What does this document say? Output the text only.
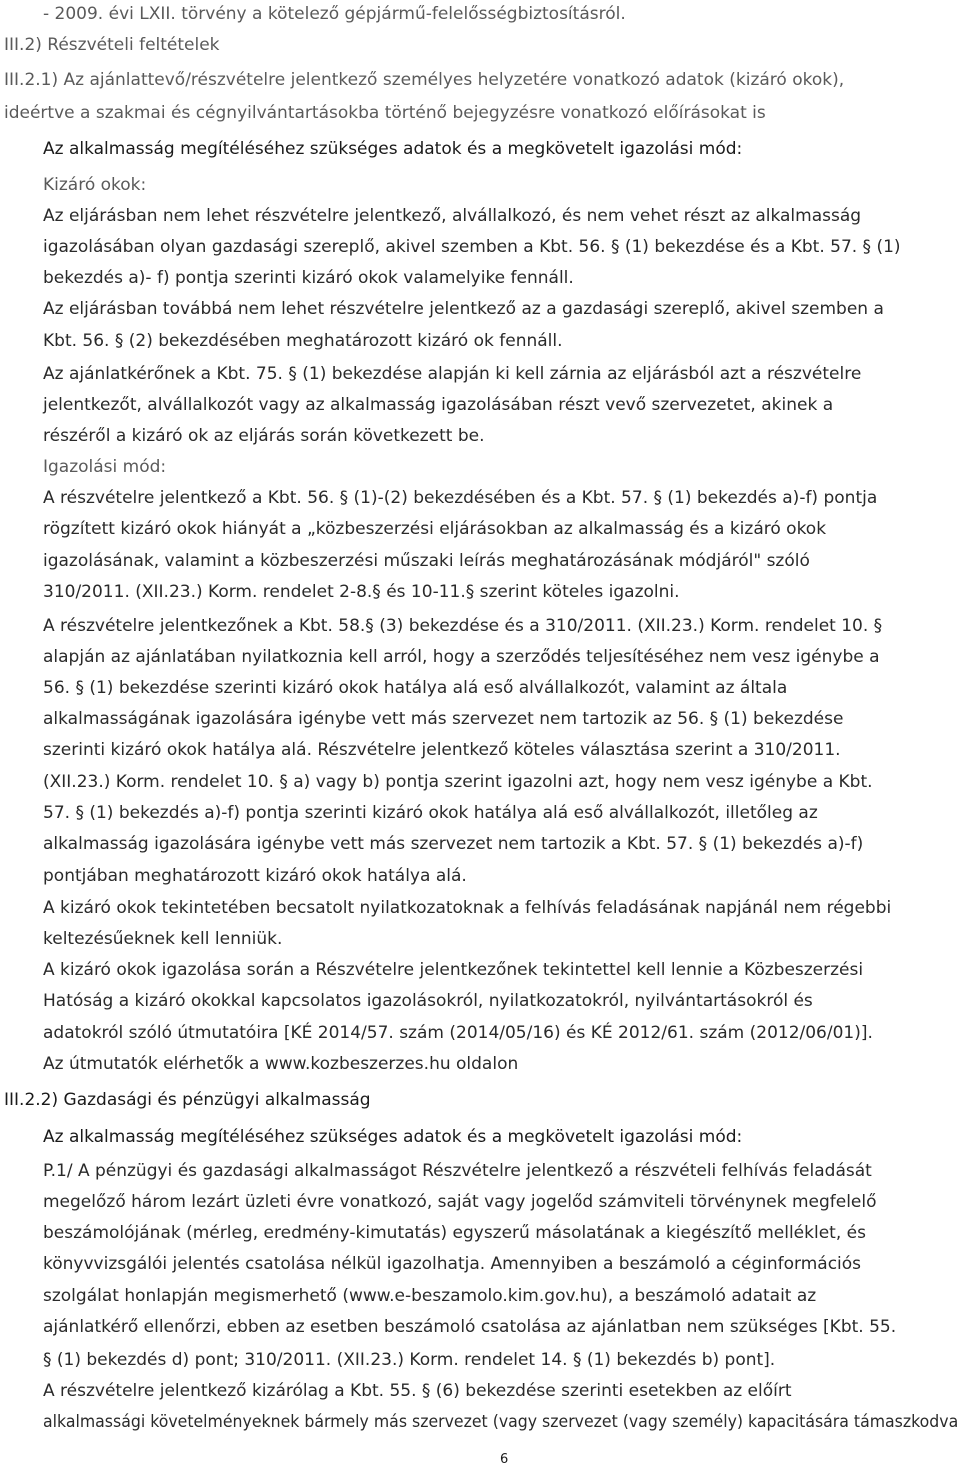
- 2009. évi LXII. törvény a kötelező gépjármű-felelősségbiztosításról.
III.2) Részvételi feltételek
III.2.1) Az ajánlattevő/részvételre jelentkező személyes helyzetére vonatkozó adatok (kizáró okok),
ideértve a szakmai és cégnyilvántartásokba történő bejegyzésre vonatkozó előírásokat is
Az alkalmasság megítéléséhez szükséges adatok és a megkövetelt igazolási mód:
Kizáró okok:
Az eljárásban nem lehet részvételre jelentkező, alvállalkozó, és nem vehet részt az alkalmasság
igazolásában olyan gazdasági szereplő, akivel szemben a Kbt. 56. § (1) bekezdése és a Kbt. 57. § (1)
bekezdés a)- f) pontja szerinti kizáró okok valamelyike fennáll.
Az eljárásban továbbá nem lehet részvételre jelentkező az a gazdasági szereplő, akivel szemben a
Kbt. 56. § (2) bekezdésében meghatározott kizáró ok fennáll.
Az ajánlatkérőnek a Kbt. 75. § (1) bekezdése alapján ki kell zárnia az eljárásból azt a részvételre
jelentkezőt, alvállalkozót vagy az alkalmasság igazolásában részt vevő szervezetet, akinek a
részéről a kizáró ok az eljárás során következett be.
Igazolási mód:
A részvételre jelentkező a Kbt. 56. § (1)-(2) bekezdésében és a Kbt. 57. § (1) bekezdés a)-f) pontja
rögzített kizáró okok hiányát a „közbeszerzési eljárásokban az alkalmasság és a kizáró okok
igazolásának, valamint a közbeszerzési műszaki leírás meghatározásának módjáról" szóló
310/2011. (XII.23.) Korm. rendelet 2-8.§ és 10-11.§ szerint köteles igazolni.
A részvételre jelentkezőnek a Kbt. 58.§ (3) bekezdése és a 310/2011. (XII.23.) Korm. rendelet 10. §
alapján az ajánlatában nyilatkoznia kell arról, hogy a szerződés teljesítéséhez nem vesz igénybe a
56. § (1) bekezdése szerinti kizáró okok hatálya alá eső alvállalkozót, valamint az általa
alkalmasságának igazolására igénybe vett más szervezet nem tartozik az 56. § (1) bekezdése
szerinti kizáró okok hatálya alá. Részvételre jelentkező köteles választása szerint a 310/2011.
(XII.23.) Korm. rendelet 10. § a) vagy b) pontja szerint igazolni azt, hogy nem vesz igénybe a Kbt.
57. § (1) bekezdés a)-f) pontja szerinti kizáró okok hatálya alá eső alvállalkozót, illetőleg az
alkalmasság igazolására igénybe vett más szervezet nem tartozik a Kbt. 57. § (1) bekezdés a)-f)
pontjában meghatározott kizáró okok hatálya alá.
A kizáró okok tekintetében becsatolt nyilatkozatoknak a felhívás feladásának napjánál nem régebbi
keltezésűeknek kell lenniük.
A kizáró okok igazolása során a Részvételre jelentkezőnek tekintettel kell lennie a Közbeszerzési
Hatóság a kizáró okokkal kapcsolatos igazolásokról, nyilatkozatokról, nyilvántartásokról és
adatokról szóló útmutatóira [KÉ 2014/57. szám (2014/05/16) és KÉ 2012/61. szám (2012/06/01)].
Az útmutatók elérhetők a www.kozbeszerzes.hu oldalon
III.2.2) Gazdasági és pénzügyi alkalmasság
Az alkalmasság megítéléséhez szükséges adatok és a megkövetelt igazolási mód:
P.1/ A pénzügyi és gazdasági alkalmasságot Részvételre jelentkező a részvételi felhívás feladását
megelőző három lezárt üzleti évre vonatkozó, saját vagy jogelőd számviteli törvénynek megfelelő
beszámolójának (mérleg, eredmény-kimutatás) egyszerű másolatának a kiegészítő melléklet, és
könyvvizsgálói jelentés csatolása nélkül igazolhatja. Amennyiben a beszámoló a céginformációs
szolgálat honlapján megismerhető (www.e-beszamolo.kim.gov.hu), a beszámoló adatait az
ajánlatkérő ellenőrzi, ebben az esetben beszámoló csatolása az ajánlatban nem szükséges [Kbt. 55.
§ (1) bekezdés d) pont; 310/2011. (XII.23.) Korm. rendelet 14. § (1) bekezdés b) pont].
A részvételre jelentkező kizárólag a Kbt. 55. § (6) bekezdése szerinti esetekben az előírt
alkalmassági követelményeknek bármely más szervezet (vagy szervezet (vagy személy) kapacitására támaszkodva
6
